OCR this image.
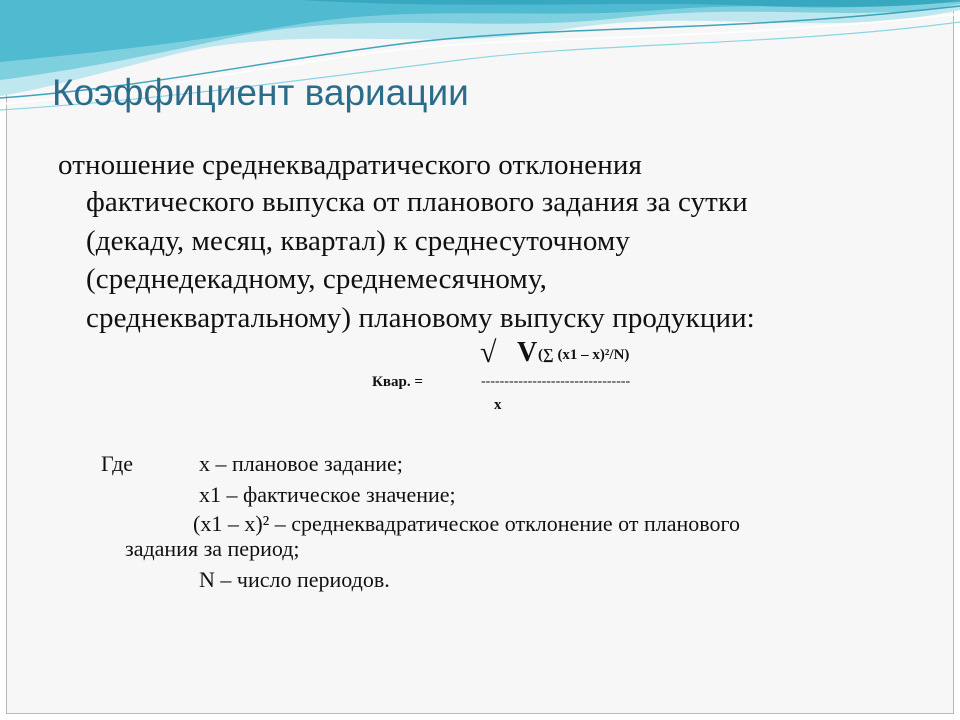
Коэффициент вариации
отношение среднеквадратического отклонения
фактического выпуска от планового задания за сутки
(декаду, месяц, квартал) к среднесуточному
(среднедекадному, среднемесячному,
среднеквартальному) плановому выпуску продукции:
√ V (∑ (x1 – x)²/N)
Квар. =	--------------------------------
x
Где	x – плановое задание;
x1 – фактическое значение;
(x1 – x)² – среднеквадратическое отклонение от планового
задания за период;
N – число периодов.
